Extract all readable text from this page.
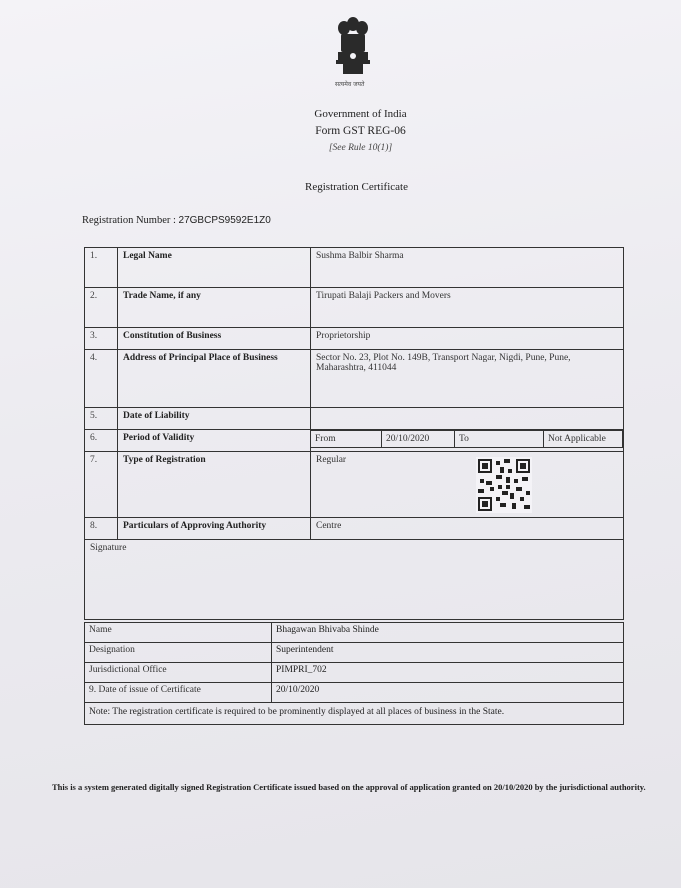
सत्यमेव जयते
Government of India
Form GST REG-06
[See Rule 10(1)]
Registration Certificate
Registration Number : 27GBCPS9592E1Z0
1.	Legal Name	Sushma Balbir Sharma
2.	Trade Name, if any	Tirupati Balaji Packers and Movers
3.	Constitution of Business	Proprietorship
4.	Address of Principal Place of Business	Sector No. 23, Plot No. 149B, Transport Nagar, Nigdi, Pune, Pune, Maharashtra, 411044
5.	Date of Liability	
6.	Period of Validity		From	20/10/2020	To	Not Applicable

7.	Type of Registration	Regular
8.	Particulars of Approving Authority	Centre
Signature
Name	Bhagawan Bhivaba Shinde
Designation	Superintendent
Jurisdictional Office	PIMPRI_702
9. Date of issue of Certificate	20/10/2020
Note: The registration certificate is required to be prominently displayed at all places of business in the State.	
This is a system generated digitally signed Registration Certificate issued based on the approval of application granted on 20/10/2020 by the jurisdictional authority.
